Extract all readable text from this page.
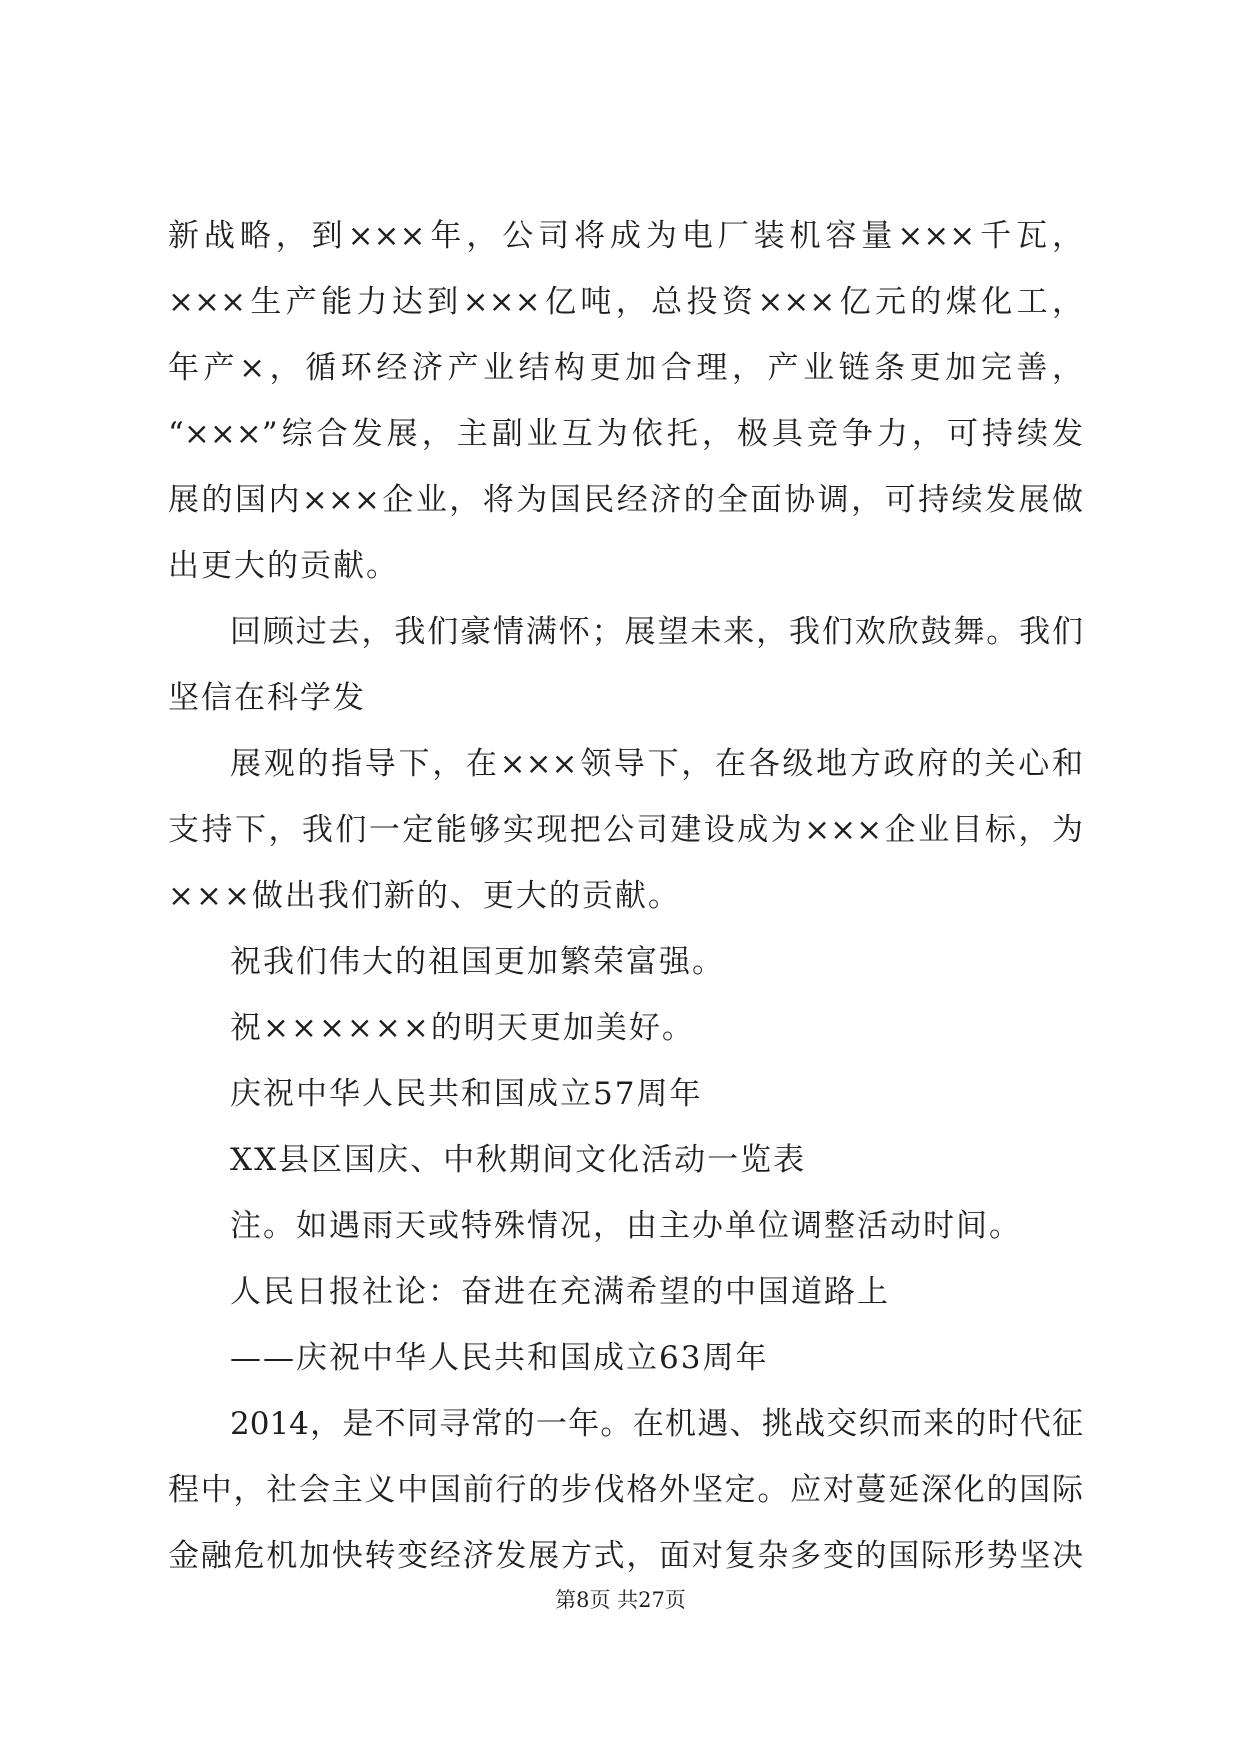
新战略，到×××年，公司将成为电厂装机容量×××千瓦，
×××生产能力达到×××亿吨，总投资×××亿元的煤化工，
年产×，循环经济产业结构更加合理，产业链条更加完善，
“×××”综合发展，主副业互为依托，极具竞争力，可持续发
展的国内×××企业，将为国民经济的全面协调，可持续发展做
出更大的贡献。
回顾过去，我们豪情满怀；展望未来，我们欢欣鼓舞。我们
坚信在科学发
展观的指导下，在×××领导下，在各级地方政府的关心和
支持下，我们一定能够实现把公司建设成为×××企业目标，为
×××做出我们新的、更大的贡献。
祝我们伟大的祖国更加繁荣富强。
祝××××××的明天更加美好。
庆祝中华人民共和国成立57周年
XX县区国庆、中秋期间文化活动一览表
注。如遇雨天或特殊情况，由主办单位调整活动时间。
人民日报社论：奋进在充满希望的中国道路上
——庆祝中华人民共和国成立63周年
2014，是不同寻常的一年。在机遇、挑战交织而来的时代征
程中，社会主义中国前行的步伐格外坚定。应对蔓延深化的国际
金融危机加快转变经济发展方式，面对复杂多变的国际形势坚决
第8页 共27页
